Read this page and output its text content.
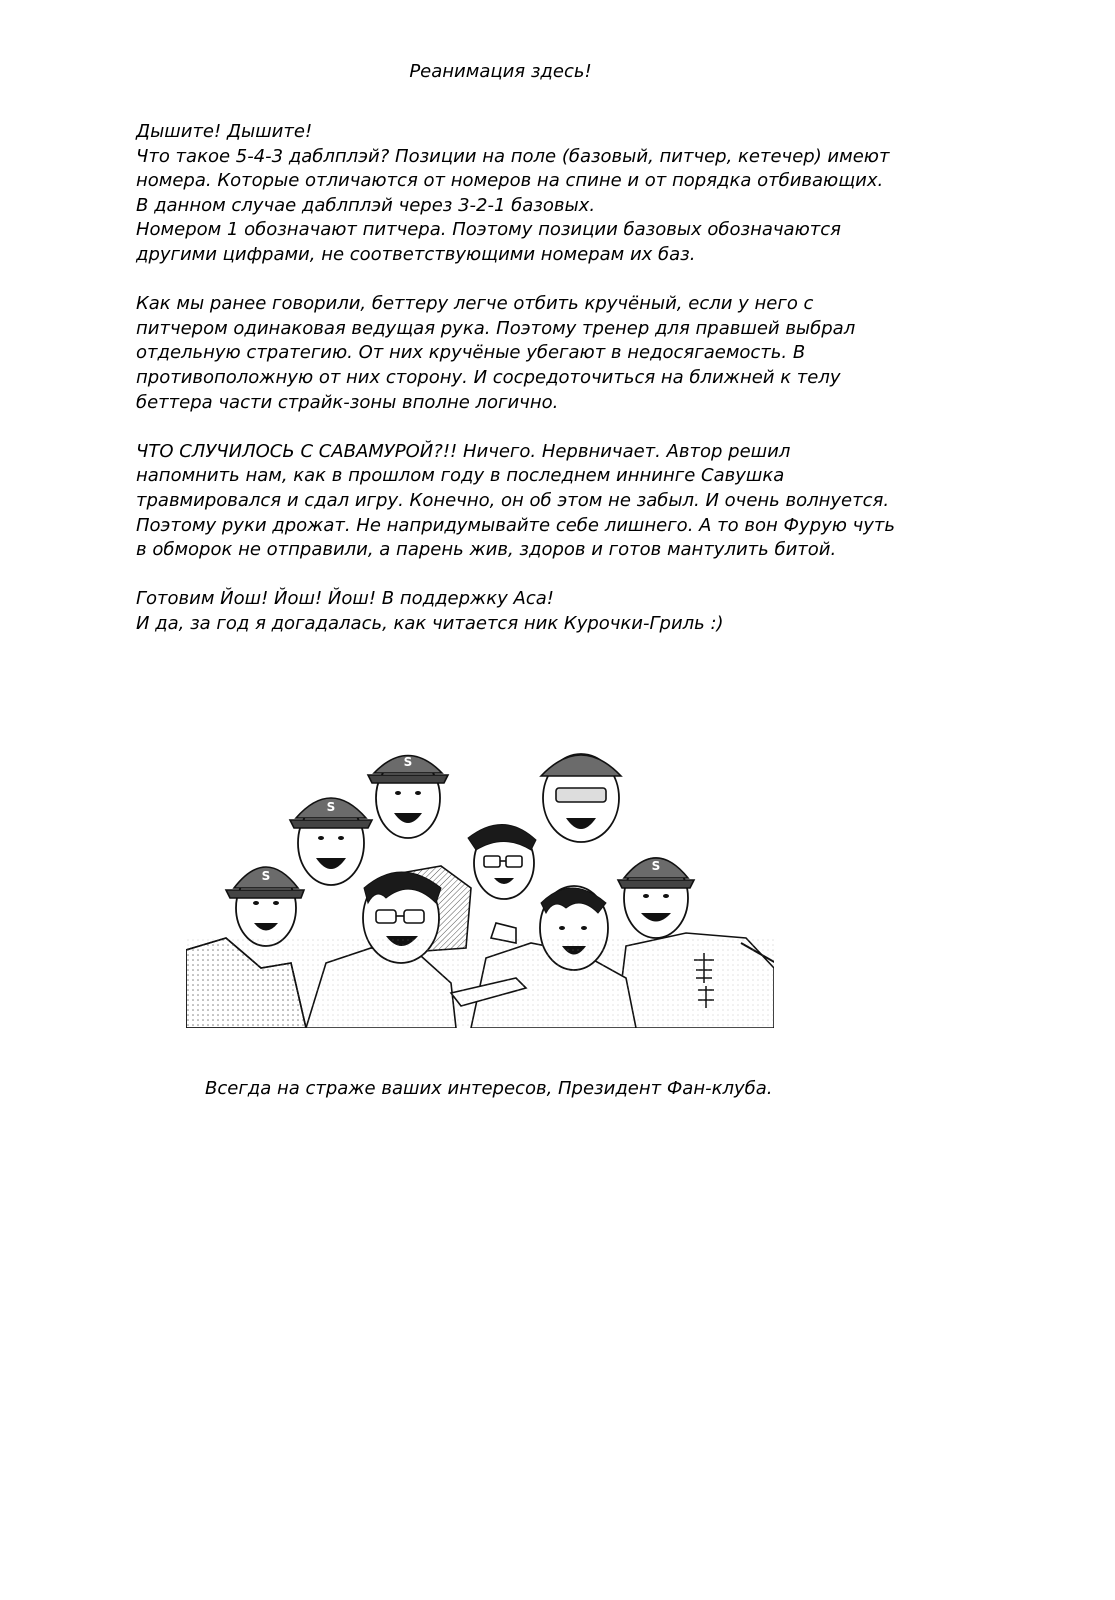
Реанимация здесь!
Дышите! Дышите!
Что такое 5-4-3 даблплэй? Позиции на поле (базовый, питчер, кетечер) имеют
номера. Которые отличаются от номеров на спине и от порядка отбивающих.
В данном случае даблплэй через 3-2-1 базовых.
Номером 1 обозначают питчера. Поэтому позиции базовых обозначаются
другими цифрами, не соответствующими номерам их баз.
Как мы ранее говорили, беттеру легче отбить кручёный, если у него с
питчером одинаковая ведущая рука. Поэтому тренер для правшей выбрал
отдельную стратегию. От них кручёные убегают в недосягаемость. В
противоположную от них сторону. И сосредоточиться на ближней к телу
беттера части страйк-зоны вполне логично.
ЧТО СЛУЧИЛОСЬ С САВАМУРОЙ?!! Ничего. Нервничает. Автор решил
напомнить нам, как в прошлом году в последнем иннинге Савушка
травмировался и сдал игру. Конечно, он об этом не забыл. И очень волнуется.
Поэтому руки дрожат. Не напридумывайте себе лишнего. А то вон Фурую чуть
в обморок не отправили, а парень жив, здоров и готов мантулить битой.
Готовим Йош! Йош! Йош! В поддержку Аса!
И да, за год я догадалась, как читается ник Курочки-Гриль :)
S
S
S
S
Всегда на страже ваших интересов, Президент Фан-клуба.
